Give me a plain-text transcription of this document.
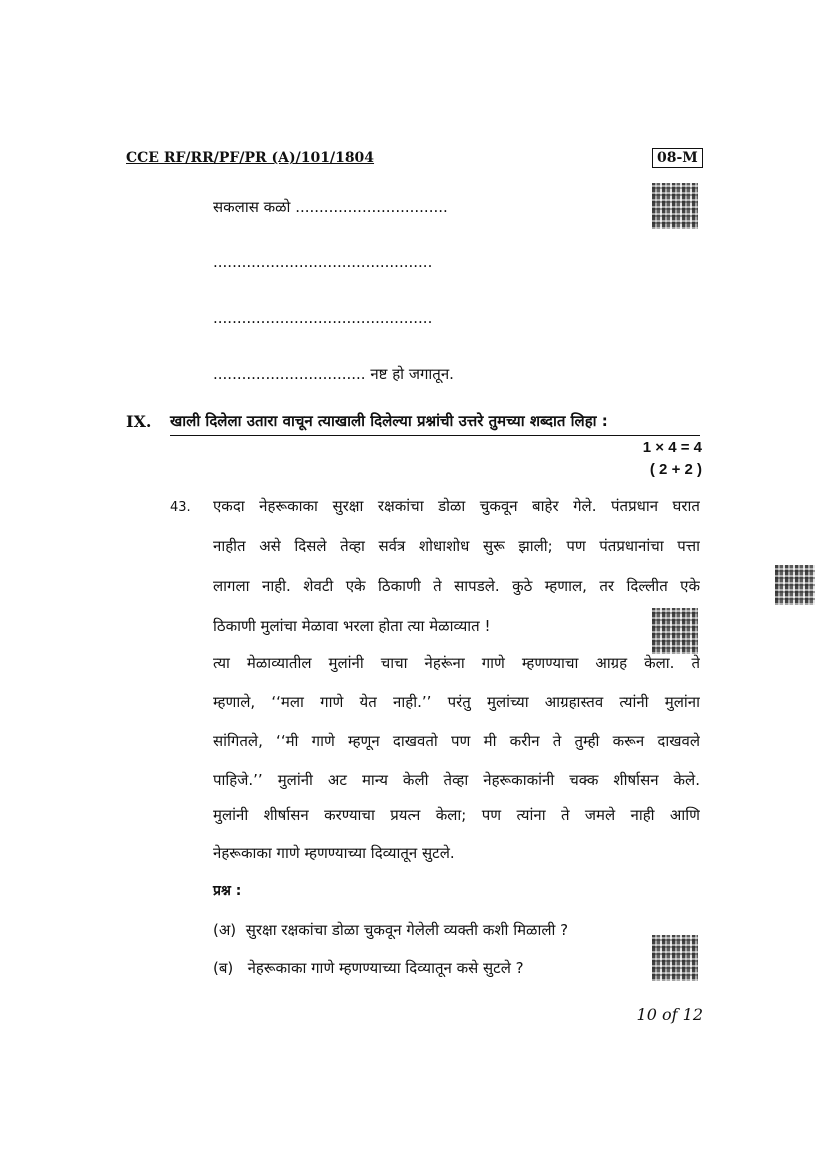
CCE RF/RR/PF/PR (A)/101/1804	08-M
सकलास कळो ................................
..............................................
..............................................
................................ नष्ट हो जगातून.
IX. खाली दिलेला उतारा वाचून त्याखाली दिलेल्या प्रश्नांची उत्तरे तुमच्या शब्दात लिहा :
1 × 4 = 4
( 2 + 2 )
43. एकदा नेहरूकाका सुरक्षा रक्षकांचा डोळा चुकवून बाहेर गेले. पंतप्रधान घरात
नाहीत असे दिसले तेव्हा सर्वत्र शोधाशोध सुरू झाली; पण पंतप्रधानांचा पत्ता
लागला नाही. शेवटी एके ठिकाणी ते सापडले. कुठे म्हणाल, तर दिल्लीत एके
ठिकाणी मुलांचा मेळावा भरला होता त्या मेळाव्यात !
त्या मेळाव्यातील मुलांनी चाचा नेहरूंना गाणे म्हणण्याचा आग्रह केला. ते
म्हणाले, ‘‘मला गाणे येत नाही.’’ परंतु मुलांच्या आग्रहास्तव त्यांनी मुलांना
सांगितले, ‘‘मी गाणे म्हणून दाखवतो पण मी करीन ते तुम्ही करून दाखवले
पाहिजे.’’ मुलांनी अट मान्य केली तेव्हा नेहरूकाकांनी चक्क शीर्षासन केले.
मुलांनी शीर्षासन करण्याचा प्रयत्न केला; पण त्यांना ते जमले नाही आणि
नेहरूकाका गाणे म्हणण्याच्या दिव्यातून सुटले.
प्रश्न :
(अ) सुरक्षा रक्षकांचा डोळा चुकवून गेलेली व्यक्ती कशी मिळाली ?
(ब) नेहरूकाका गाणे म्हणण्याच्या दिव्यातून कसे सुटले ?
10 of 12
